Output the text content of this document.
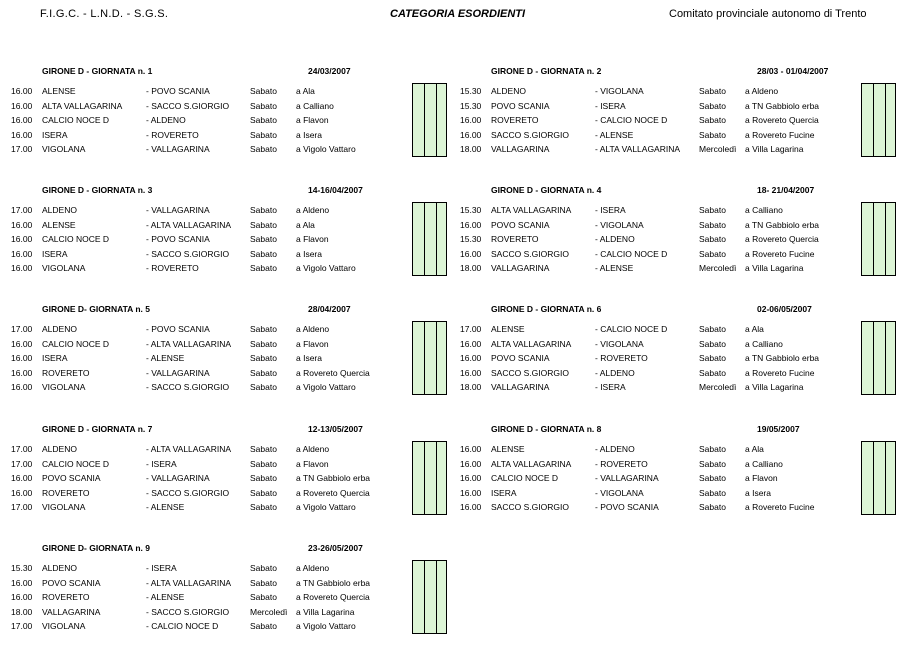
F.I.G.C. - L.N.D. - S.G.S.	CATEGORIA ESORDIENTI	Comitato provinciale autonomo di Trento
GIRONE D - GIORNATA n. 1	24/03/2007
16.00 ALENSE	- POVO SCANIA	Sabato a Ala
16.00 ALTA VALLAGARINA	- SACCO S.GIORGIO Sabato a Calliano
16.00 CALCIO NOCE D	- ALDENO	Sabato a Flavon
16.00 ISERA	- ROVERETO	Sabato a Isera
17.00 VIGOLANA	- VALLAGARINA	Sabato a Vigolo Vattaro
GIRONE D - GIORNATA n. 2	28/03 - 01/04/2007
15.30 ALDENO	- VIGOLANA	Sabato a Aldeno
15.30 POVO SCANIA	- ISERA	Sabato a TN Gabbiolo erba
16.00 ROVERETO	- CALCIO NOCE D	Sabato a Rovereto Quercia
16.00 SACCO S.GIORGIO	- ALENSE	Sabato a Rovereto Fucine
18.00 VALLAGARINA	- ALTA VALLAGARINA Mercoledì a Villa Lagarina
GIRONE D - GIORNATA n. 3	14-16/04/2007
17.00 ALDENO	- VALLAGARINA	Sabato a Aldeno
16.00 ALENSE	- ALTA VALLAGARINA Sabato a Ala
16.00 CALCIO NOCE D	- POVO SCANIA	Sabato a Flavon
16.00 ISERA	- SACCO S.GIORGIO Sabato a Isera
16.00 VIGOLANA	- ROVERETO	Sabato a Vigolo Vattaro
GIRONE D - GIORNATA n. 4	18- 21/04/2007
15.30 ALTA VALLAGARINA	- ISERA	Sabato a Calliano
16.00 POVO SCANIA	- VIGOLANA	Sabato a TN Gabbiolo erba
15.30 ROVERETO	- ALDENO	Sabato a Rovereto Quercia
16.00 SACCO S.GIORGIO	- CALCIO NOCE D	Sabato a Rovereto Fucine
18.00 VALLAGARINA	- ALENSE	Mercoledì a Villa Lagarina
GIRONE D- GIORNATA n. 5	28/04/2007
17.00 ALDENO	- POVO SCANIA	Sabato a Aldeno
16.00 CALCIO NOCE D	- ALTA VALLAGARINA Sabato a Flavon
16.00 ISERA	- ALENSE	Sabato a Isera
16.00 ROVERETO	- VALLAGARINA	Sabato a Rovereto Quercia
16.00 VIGOLANA	- SACCO S.GIORGIO Sabato a Vigolo Vattaro
GIRONE D - GIORNATA n. 6	02-06/05/2007
17.00 ALENSE	- CALCIO NOCE D	Sabato a Ala
16.00 ALTA VALLAGARINA	- VIGOLANA	Sabato a Calliano
16.00 POVO SCANIA	- ROVERETO	Sabato a TN Gabbiolo erba
16.00 SACCO S.GIORGIO	- ALDENO	Sabato a Rovereto Fucine
18.00 VALLAGARINA	- ISERA	Mercoledì a Villa Lagarina
GIRONE D - GIORNATA n. 7	12-13/05/2007
17.00 ALDENO	- ALTA VALLAGARINA Sabato a Aldeno
17.00 CALCIO NOCE D	- ISERA	Sabato a Flavon
16.00 POVO SCANIA	- VALLAGARINA	Sabato a TN Gabbiolo erba
16.00 ROVERETO	- SACCO S.GIORGIO Sabato a Rovereto Quercia
17.00 VIGOLANA	- ALENSE	Sabato a Vigolo Vattaro
GIRONE D - GIORNATA n. 8	19/05/2007
16.00 ALENSE	- ALDENO	Sabato a Ala
16.00 ALTA VALLAGARINA	- ROVERETO	Sabato a Calliano
16.00 CALCIO NOCE D	- VALLAGARINA	Sabato a Flavon
16.00 ISERA	- VIGOLANA	Sabato a Isera
16.00 SACCO S.GIORGIO	- POVO SCANIA	Sabato a Rovereto Fucine
GIRONE D- GIORNATA n. 9	23-26/05/2007
15.30 ALDENO	- ISERA	Sabato a Aldeno
16.00 POVO SCANIA	- ALTA VALLAGARINA Sabato a TN Gabbiolo erba
16.00 ROVERETO	- ALENSE	Sabato a Rovereto Quercia
18.00 VALLAGARINA	- SACCO S.GIORGIO Mercoledì a Villa Lagarina
17.00 VIGOLANA	- CALCIO NOCE D	Sabato a Vigolo Vattaro
